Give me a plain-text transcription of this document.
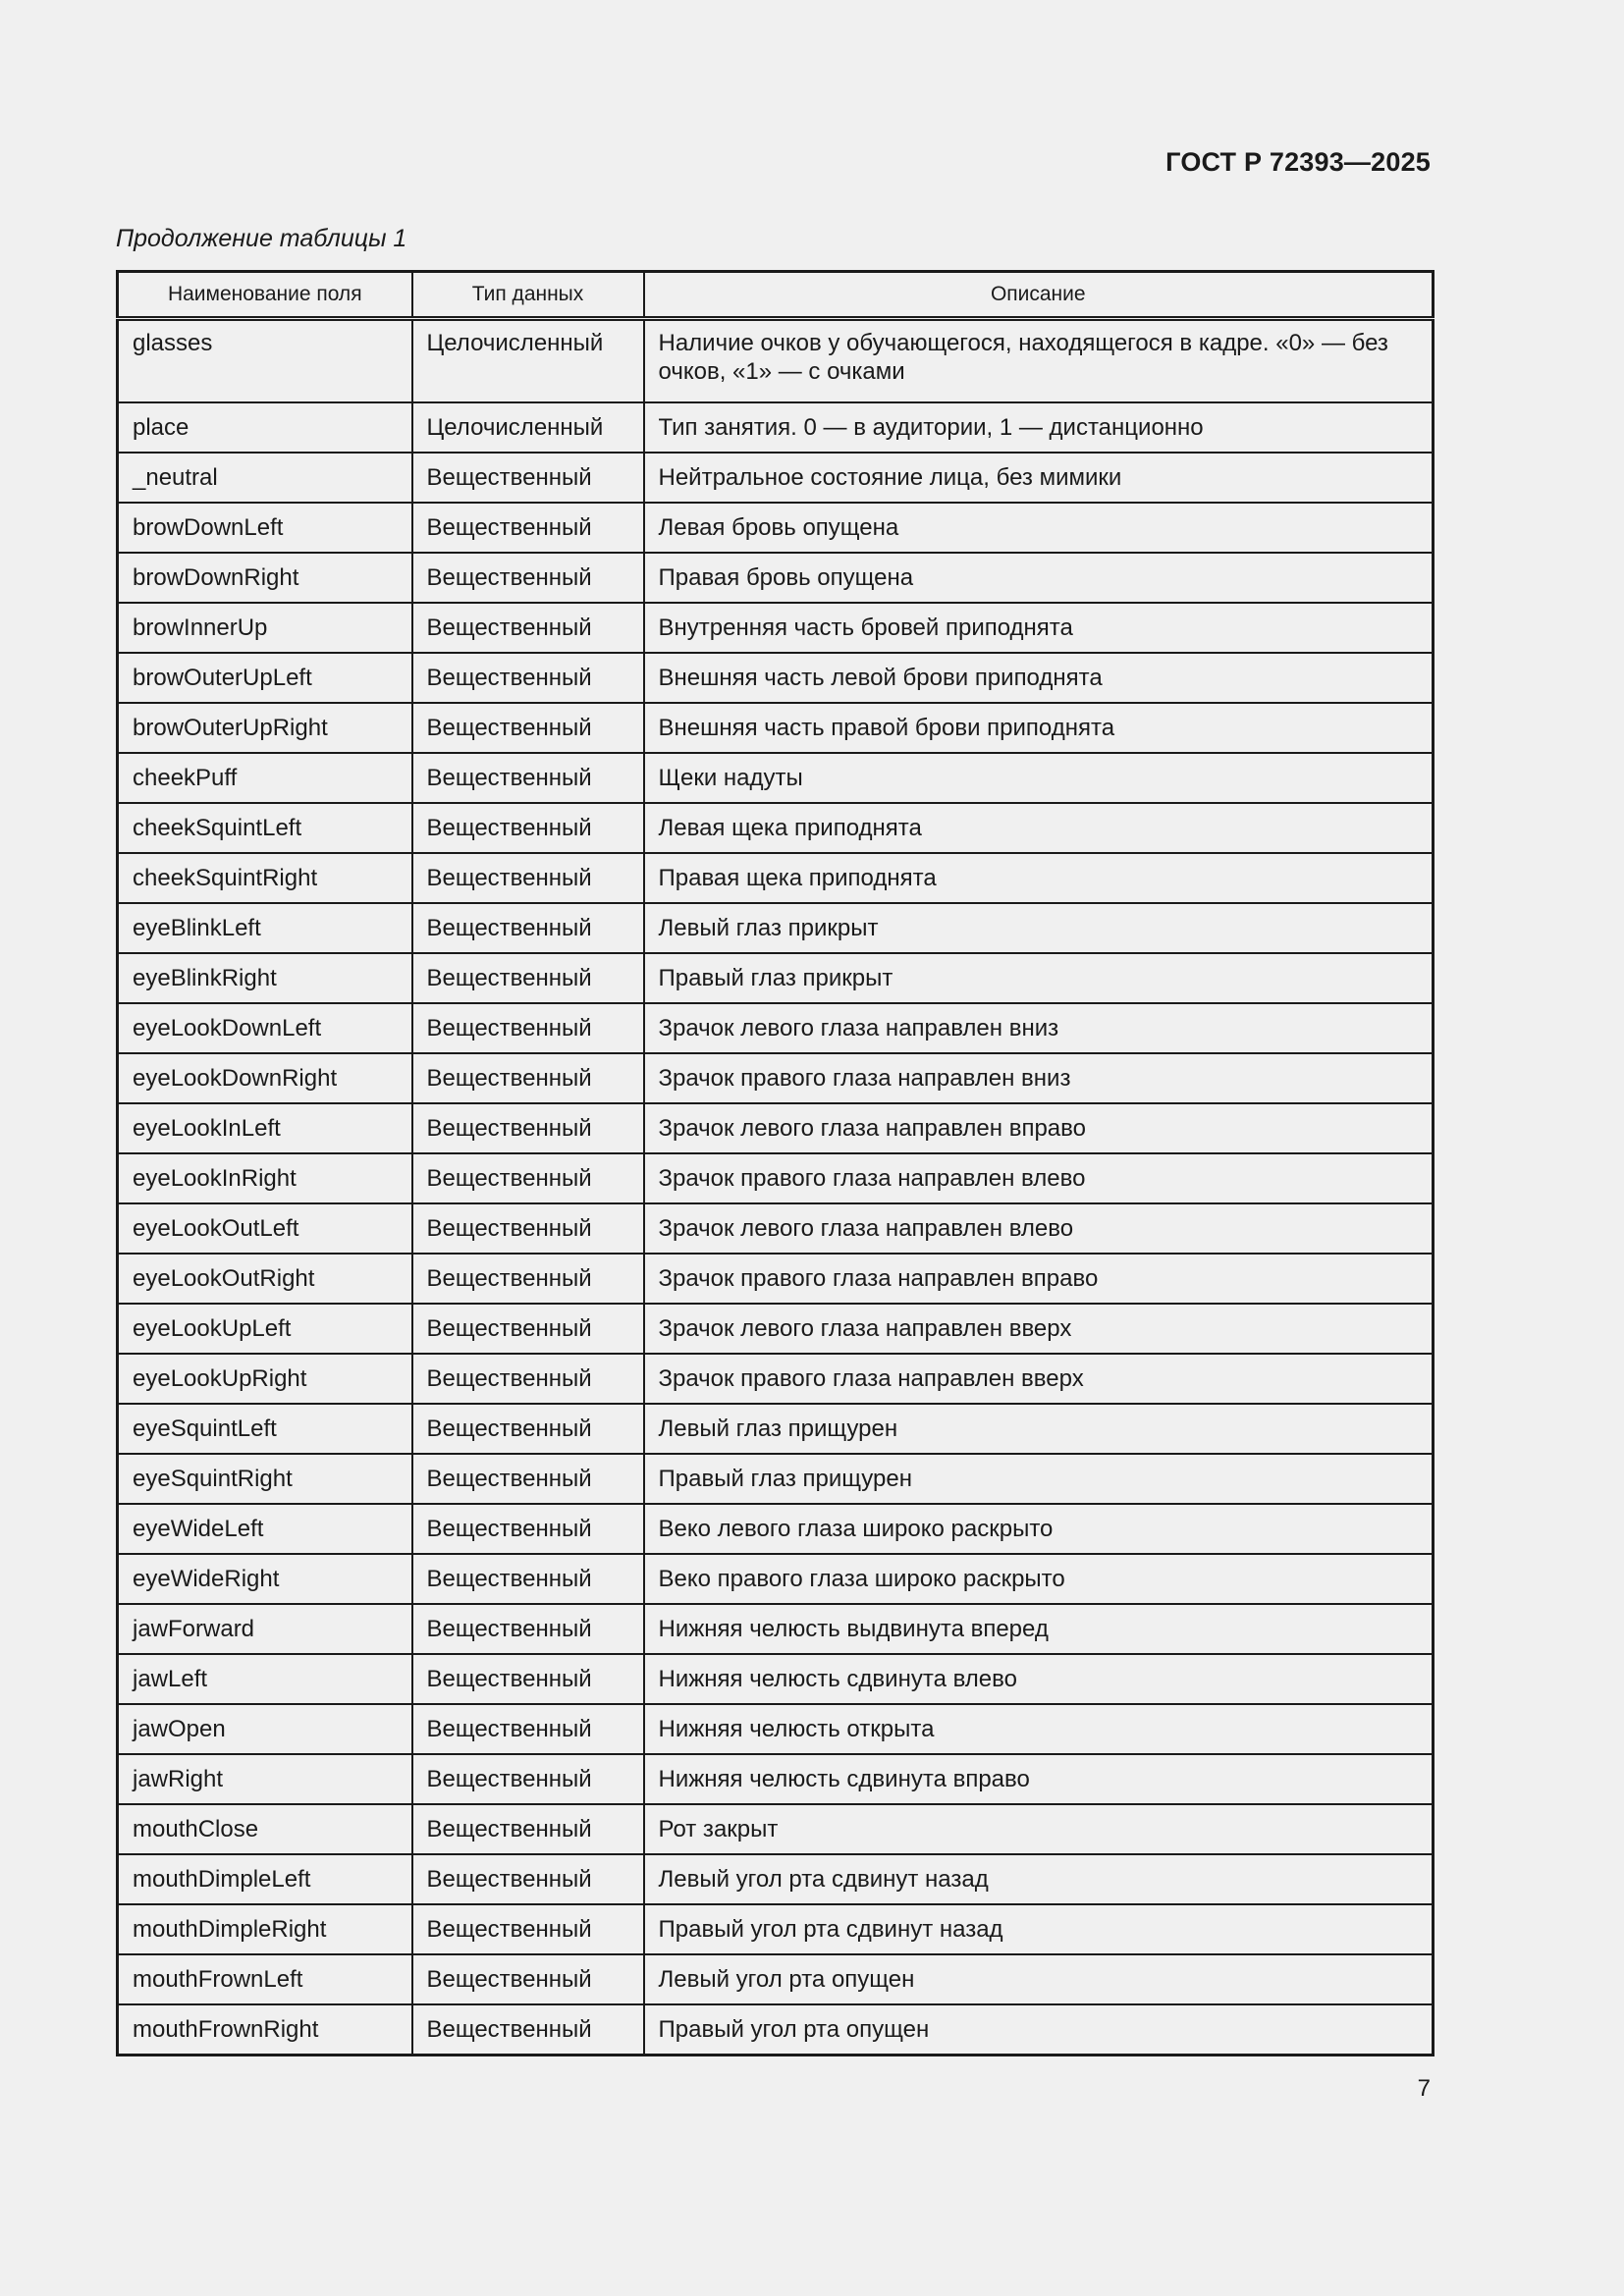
ГОСТ Р 72393—2025
Продолжение таблицы 1
Наименование поля	Тип данных	Описание
glasses	Целочисленный	Наличие очков у обучающегося, находящегося в кадре. «0» — без очков, «1» — с очками
place	Целочисленный	Тип занятия. 0 — в аудитории, 1 — дистанционно
_neutral	Вещественный	Нейтральное состояние лица, без мимики
browDownLeft	Вещественный	Левая бровь опущена
browDownRight	Вещественный	Правая бровь опущена
browInnerUp	Вещественный	Внутренняя часть бровей приподнята
browOuterUpLeft	Вещественный	Внешняя часть левой брови приподнята
browOuterUpRight	Вещественный	Внешняя часть правой брови приподнята
cheekPuff	Вещественный	Щеки надуты
cheekSquintLeft	Вещественный	Левая щека приподнята
cheekSquintRight	Вещественный	Правая щека приподнята
eyeBlinkLeft	Вещественный	Левый глаз прикрыт
eyeBlinkRight	Вещественный	Правый глаз прикрыт
eyeLookDownLeft	Вещественный	Зрачок левого глаза направлен вниз
eyeLookDownRight	Вещественный	Зрачок правого глаза направлен вниз
eyeLookInLeft	Вещественный	Зрачок левого глаза направлен вправо
eyeLookInRight	Вещественный	Зрачок правого глаза направлен влево
eyeLookOutLeft	Вещественный	Зрачок левого глаза направлен влево
eyeLookOutRight	Вещественный	Зрачок правого глаза направлен вправо
eyeLookUpLeft	Вещественный	Зрачок левого глаза направлен вверх
eyeLookUpRight	Вещественный	Зрачок правого глаза направлен вверх
eyeSquintLeft	Вещественный	Левый глаз прищурен
eyeSquintRight	Вещественный	Правый глаз прищурен
eyeWideLeft	Вещественный	Веко левого глаза широко раскрыто
eyeWideRight	Вещественный	Веко правого глаза широко раскрыто
jawForward	Вещественный	Нижняя челюсть выдвинута вперед
jawLeft	Вещественный	Нижняя челюсть сдвинута влево
jawOpen	Вещественный	Нижняя челюсть открыта
jawRight	Вещественный	Нижняя челюсть сдвинута вправо
mouthClose	Вещественный	Рот закрыт
mouthDimpleLeft	Вещественный	Левый угол рта сдвинут назад
mouthDimpleRight	Вещественный	Правый угол рта сдвинут назад
mouthFrownLeft	Вещественный	Левый угол рта опущен
mouthFrownRight	Вещественный	Правый угол рта опущен
7
